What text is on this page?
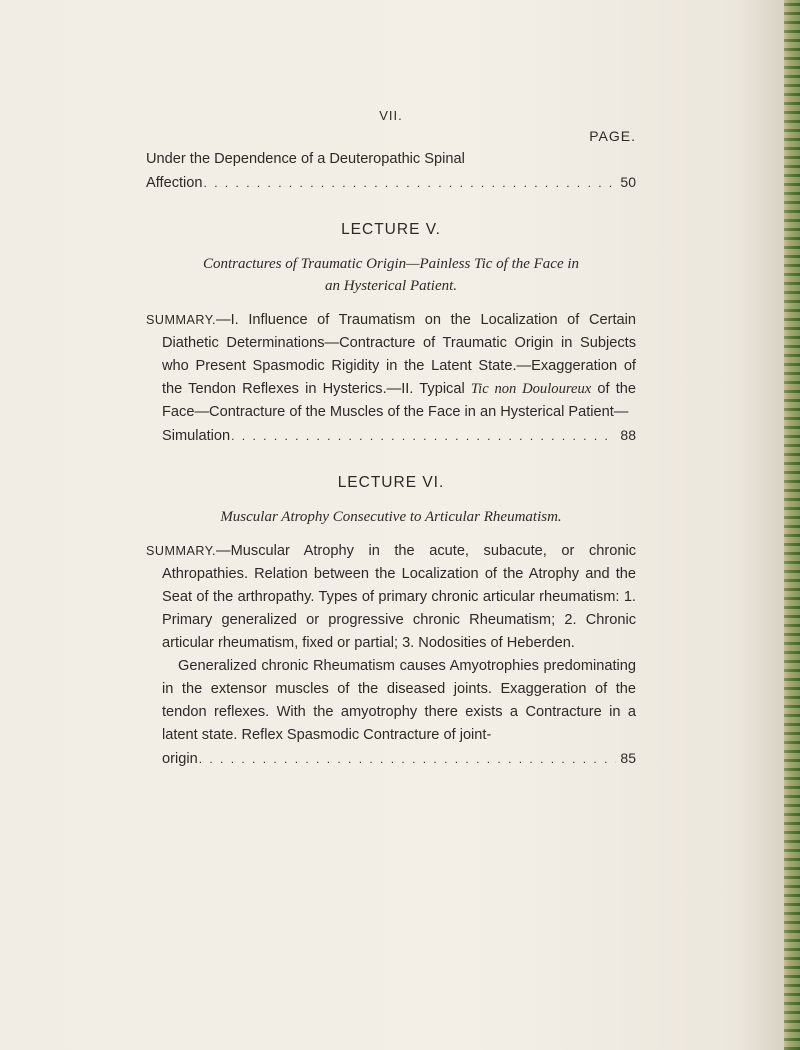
VII.
PAGE.
Under the Dependence of a Deuteropathic Spinal
Affection . . .	50
LECTURE V.
Contractures of Traumatic Origin—Painless Tic of the Face in
an Hysterical Patient.
SUMMARY.—I. Influence of Traumatism on the Localization of Certain Diathetic Determinations—Contracture of Traumatic Origin in Subjects who Present Spasmodic Rigidity in the Latent State.—Exaggeration of the Tendon Reflexes in Hysterics.—II. Typical Tic non Douloureux of the Face—Contracture of the Muscles of the Face in an Hysterical Patient—
Simulation . . .	88
LECTURE VI.
Muscular Atrophy Consecutive to Articular Rheumatism.
SUMMARY.—Muscular Atrophy in the acute, subacute, or chronic Athropathies. Relation between the Localization of the Atrophy and the Seat of the arthropathy. Types of primary chronic articular rheumatism: 1. Primary generalized or progressive chronic Rheumatism; 2. Chronic articular rheumatism, fixed or partial; 3. Nodosities of Heberden.
Generalized chronic Rheumatism causes Amyotrophies predominating in the extensor muscles of the diseased joints. Exaggeration of the tendon reflexes. With the amyotrophy there exists a Contracture in a latent state. Reflex Spasmodic Contracture of joint-
origin . . .	85
